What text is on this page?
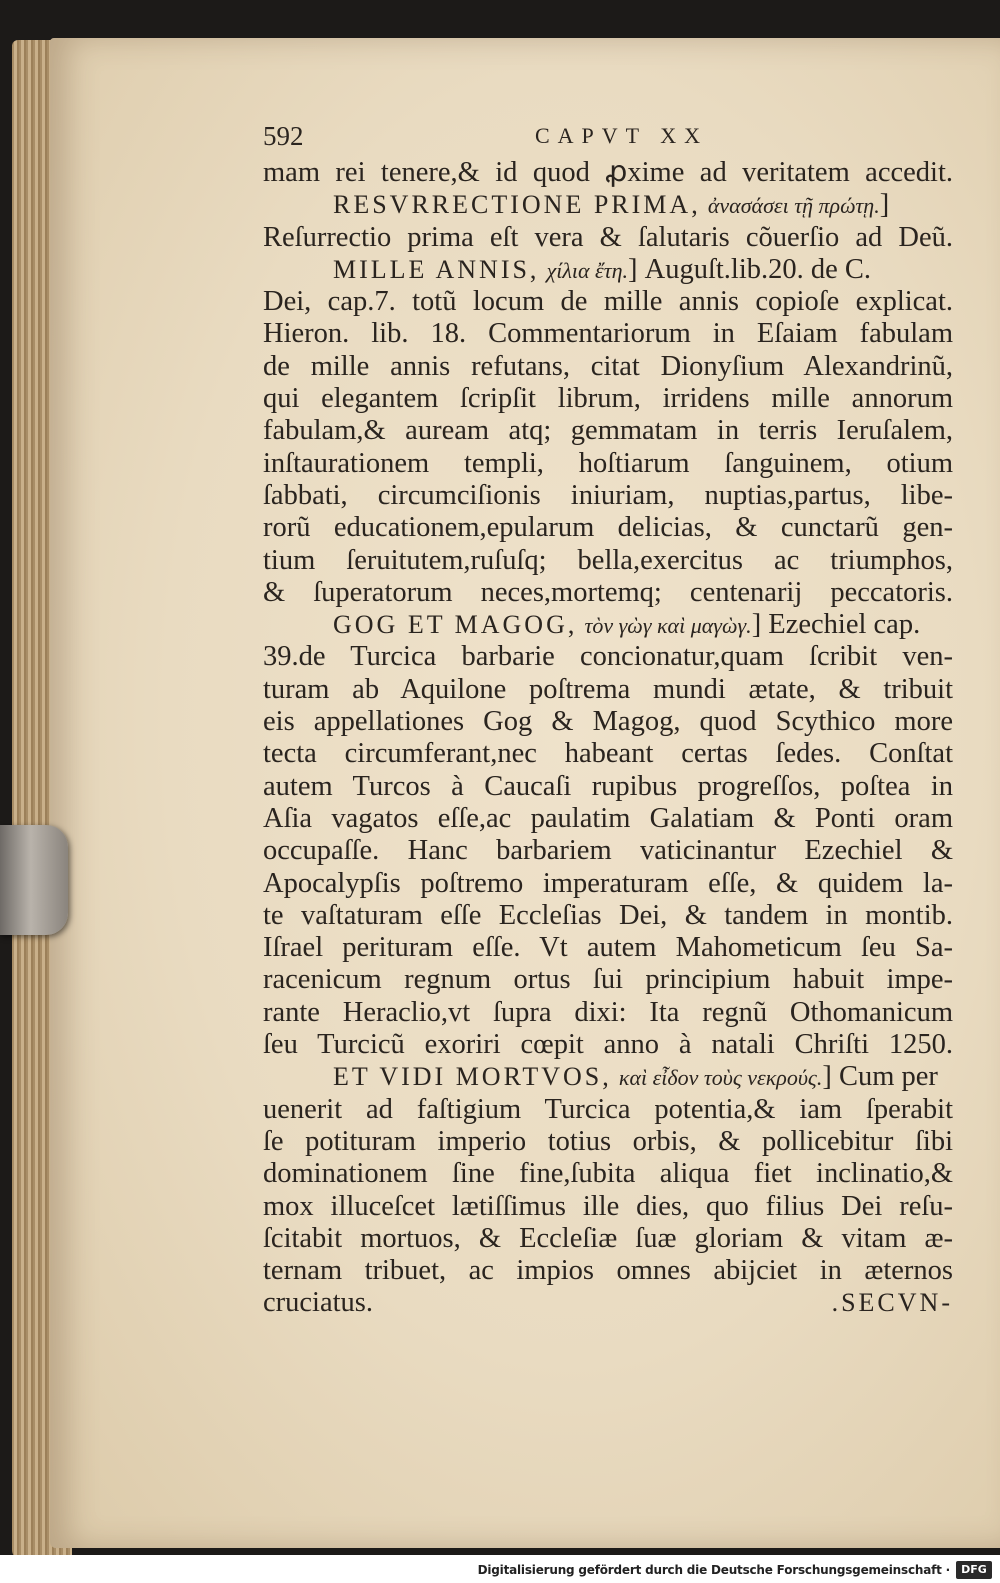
592	CAPVT XX
mam rei tenere,& id quod ꝓxime ad veritatem accedit.
RESVRRECTIONE PRIMA, ἀνασάσει τῇ πρώτῃ.]
Reſurrectio prima eſt vera & ſalutaris cõuerſio ad Deũ.
MILLE ANNIS, χίλια ἔτη.] Auguſt.lib.20. de C.
Dei, cap.7. totũ locum de mille annis copioſe explicat.
Hieron. lib. 18. Commentariorum in Eſaiam fabulam
de mille annis refutans, citat Dionyſium Alexandrinũ,
qui elegantem ſcripſit librum, irridens mille annorum
fabulam,& auream atq; gemmatam in terris Ieruſalem,
inſtaurationem templi, hoſtiarum ſanguinem, otium
ſabbati, circumciſionis iniuriam, nuptias,partus, libe-
rorũ educationem,epularum delicias, & cunctarũ gen-
tium ſeruitutem,ruſuſq; bella,exercitus ac triumphos,
& ſuperatorum neces,mortemq; centenarij peccatoris.
GOG ET MAGOG, τὸν γὼγ καὶ μαγὼγ.] Ezechiel cap.
39.de Turcica barbarie concionatur,quam ſcribit ven-
turam ab Aquilone poſtrema mundi ætate, & tribuit
eis appellationes Gog & Magog, quod Scythico more
tecta circumferant,nec habeant certas ſedes. Conſtat
autem Turcos à Caucaſi rupibus progreſſos, poſtea in
Aſia vagatos eſſe,ac paulatim Galatiam & Ponti oram
occupaſſe. Hanc barbariem vaticinantur Ezechiel &
Apocalypſis poſtremo imperaturam eſſe, & quidem la-
te vaſtaturam eſſe Eccleſias Dei, & tandem in montib.
Iſrael perituram eſſe. Vt autem Mahometicum ſeu Sa-
racenicum regnum ortus ſui principium habuit impe-
rante Heraclio,vt ſupra dixi: Ita regnũ Othomanicum
ſeu Turcicũ exoriri cœpit anno à natali Chriſti 1250.
ET VIDI MORTVOS, καὶ εἶδον τοὺς νεκρούς.] Cum per
uenerit ad faſtigium Turcica potentia,& iam ſperabit
ſe potituram imperio totius orbis, & pollicebitur ſibi
dominationem ſine fine,ſubita aliqua fiet inclinatio,&
mox illuceſcet lætiſſimus ille dies, quo filius Dei reſu-
ſcitabit mortuos, & Eccleſiæ ſuæ gloriam & vitam æ-
ternam tribuet, ac impios omnes abijciet in æternos
cruciatus.	.SECVN-
Digitalisierung gefördert durch die Deutsche Forschungsgemeinschaft ·	DFG
